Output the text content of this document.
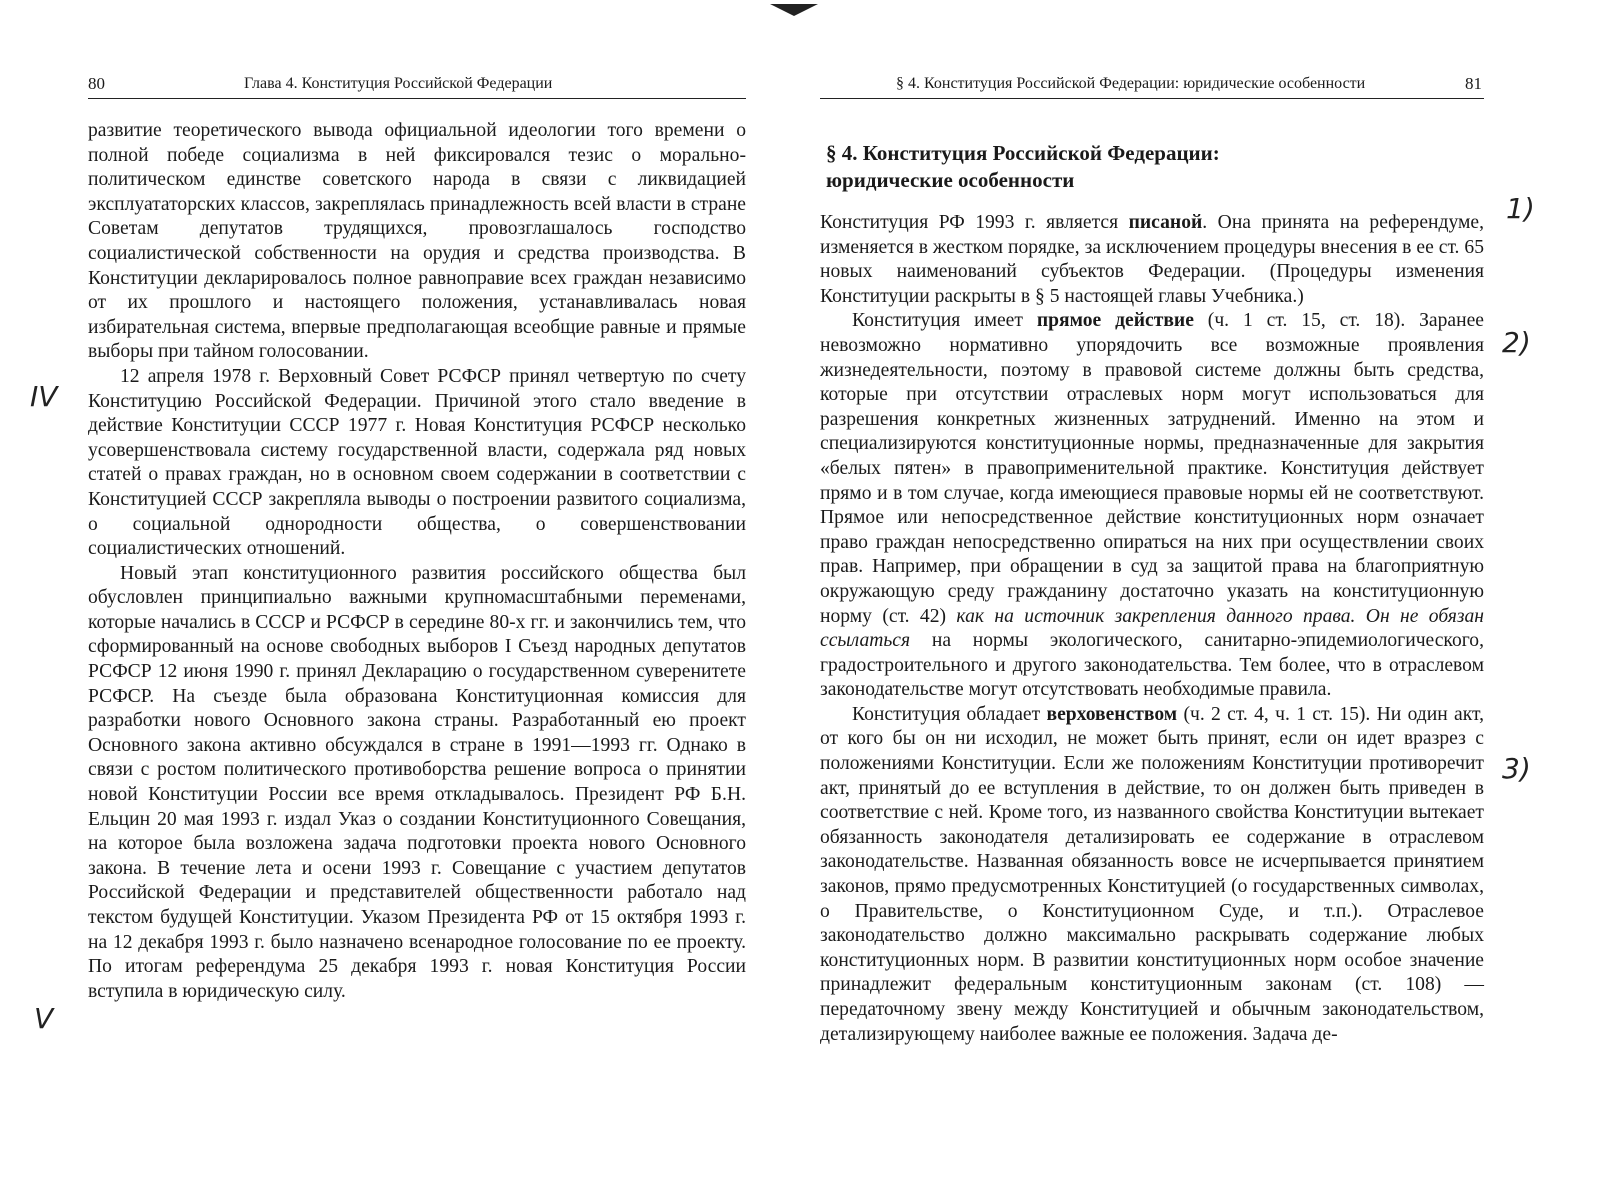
80	Глава 4. Конституция Российской Федерации

развитие теоретического вывода официальной идеологии того времени о полной победе социализма в ней фиксировался тезис о морально-политическом единстве советского народа в связи с ликвидацией эксплуататорских классов, закреплялась принадлежность всей власти в стране Советам депутатов трудящихся, провозглашалось господство социалистической собственности на орудия и средства производства. В Конституции декларировалось полное равноправие всех граждан независимо от их прошлого и настоящего положения, устанавливалась новая избирательная система, впервые предполагающая всеобщие равные и прямые выборы при тайном голосовании.

12 апреля 1978 г. Верховный Совет РСФСР принял четвертую по счету Конституцию Российской Федерации. Причиной этого стало введение в действие Конституции СССР 1977 г. Новая Конституция РСФСР несколько усовершенствовала систему государственной власти, содержала ряд новых статей о правах граждан, но в основном своем содержании в соответствии с Конституцией СССР закрепляла выводы о построении развитого социализма, о социальной однородности общества, о совершенствовании социалистических отношений.

Новый этап конституционного развития российского общества был обусловлен принципиально важными крупномасштабными переменами, которые начались в СССР и РСФСР в середине 80-х гг. и закончились тем, что сформированный на основе свободных выборов I Съезд народных депутатов РСФСР 12 июня 1990 г. принял Декларацию о государственном суверенитете РСФСР. На съезде была образована Конституционная комиссия для разработки нового Основного закона страны. Разработанный ею проект Основного закона активно обсуждался в стране в 1991—1993 гг. Однако в связи с ростом политического противоборства решение вопроса о принятии новой Конституции России все время откладывалось. Президент РФ Б.Н. Ельцин 20 мая 1993 г. издал Указ о создании Конституционного Совещания, на которое была возложена задача подготовки проекта нового Основного закона. В течение лета и осени 1993 г. Совещание с участием депутатов Российской Федерации и представителей общественности работало над текстом будущей Конституции. Указом Президента РФ от 15 октября 1993 г. на 12 декабря 1993 г. было назначено всенародное голосование по ее проекту. По итогам референдума 25 декабря 1993 г. новая Конституция России вступила в юридическую силу.

IV
V
§ 4. Конституция Российской Федерации: юридические особенности	81
§ 4. Конституция Российской Федерации:
юридические особенности

Конституция РФ 1993 г. является писаной. Она принята на референдуме, изменяется в жестком порядке, за исключением процедуры внесения в ее ст. 65 новых наименований субъектов Федерации. (Процедуры изменения Конституции раскрыты в § 5 настоящей главы Учебника.)

Конституция имеет прямое действие (ч. 1 ст. 15, ст. 18). Заранее невозможно нормативно упорядочить все возможные проявления жизнедеятельности, поэтому в правовой системе должны быть средства, которые при отсутствии отраслевых норм могут использоваться для разрешения конкретных жизненных затруднений. Именно на этом и специализируются конституционные нормы, предназначенные для закрытия «белых пятен» в правоприменительной практике. Конституция действует прямо и в том случае, когда имеющиеся правовые нормы ей не соответствуют. Прямое или непосредственное действие конституционных норм означает право граждан непосредственно опираться на них при осуществлении своих прав. Например, при обращении в суд за защитой права на благоприятную окружающую среду гражданину достаточно указать на конституционную норму (ст. 42) как на источник закрепления данного права. Он не обязан ссылаться на нормы экологического, санитарно-эпидемиологического, градостроительного и другого законодательства. Тем более, что в отраслевом законодательстве могут отсутствовать необходимые правила.

Конституция обладает верховенством (ч. 2 ст. 4, ч. 1 ст. 15). Ни один акт, от кого бы он ни исходил, не может быть принят, если он идет вразрез с положениями Конституции. Если же положениям Конституции противоречит акт, принятый до ее вступления в действие, то он должен быть приведен в соответствие с ней. Кроме того, из названного свойства Конституции вытекает обязанность законодателя детализировать ее содержание в отраслевом законодательстве. Названная обязанность вовсе не исчерпывается принятием законов, прямо предусмотренных Конституцией (о государственных символах, о Правительстве, о Конституционном Суде, и т.п.). Отраслевое законодательство должно максимально раскрывать содержание любых конституционных норм. В развитии конституционных норм особое значение принадлежит федеральным конституционным законам (ст. 108) — передаточному звену между Конституцией и обычным законодательством, детализирующему наиболее важные ее положения. Задача де-

1)
2)
3)
